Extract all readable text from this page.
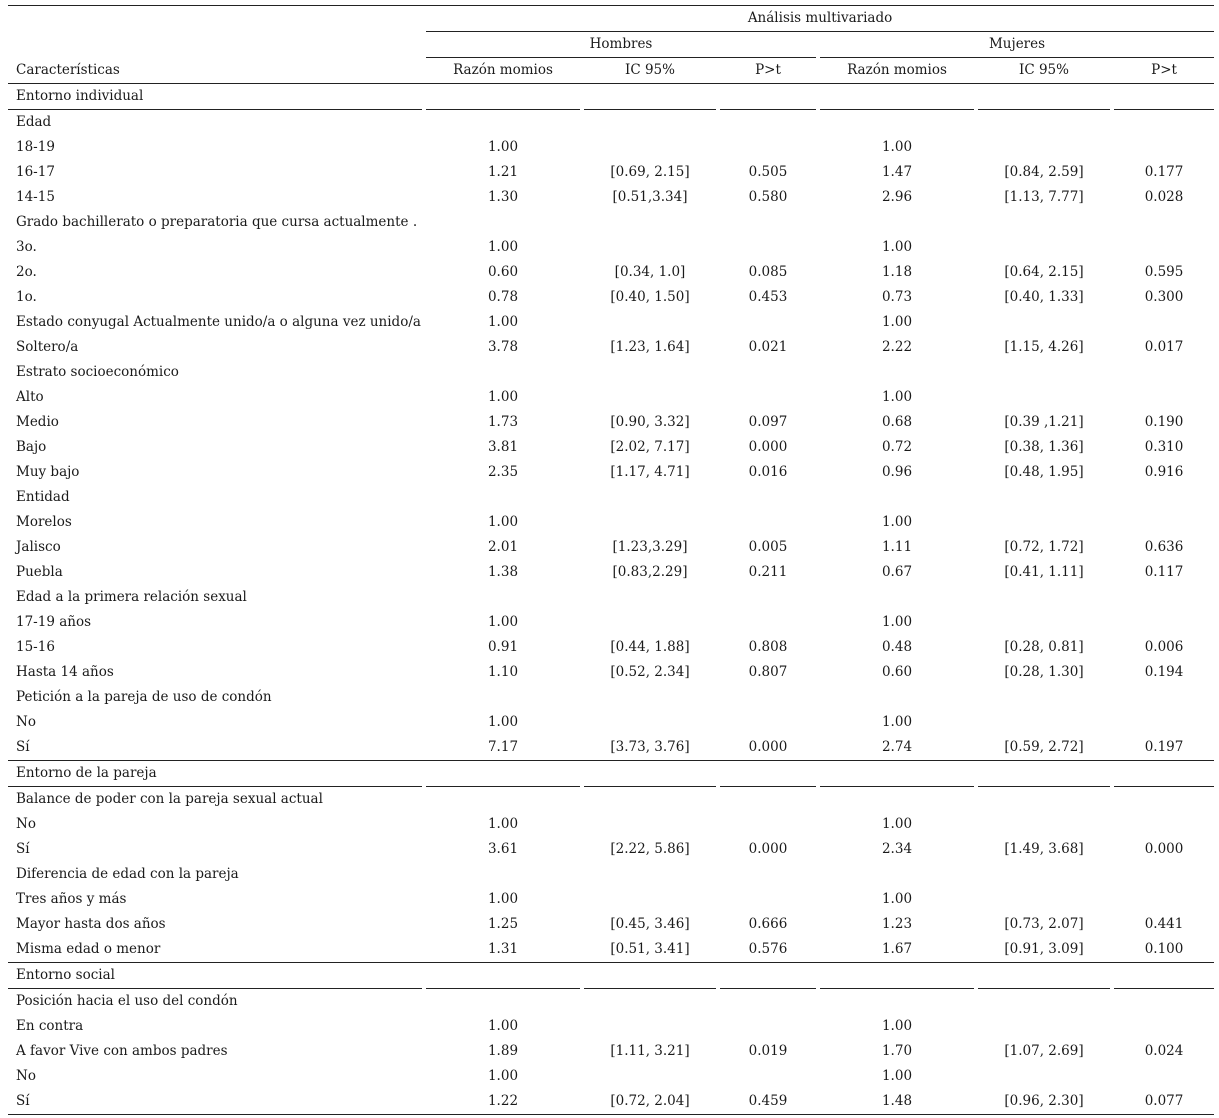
		Análisis multivariado										
		Hombres						Mujeres				
Características		Razón momios		IC 95%		P>t		Razón momios		IC 95%		P>t
Entorno individual												
Edad												
18-19		1.00						1.00				
16-17		1.21		[0.69, 2.15]		0.505		1.47		[0.84, 2.59]		0.177
14-15		1.30		[0.51,3.34]		0.580		2.96		[1.13, 7.77]		0.028
Grado bachillerato o preparatoria que cursa actualmente .												
3o.		1.00						1.00				
2o.		0.60		[0.34, 1.0]		0.085		1.18		[0.64, 2.15]		0.595
1o.		0.78		[0.40, 1.50]		0.453		0.73		[0.40, 1.33]		0.300
Estado conyugal Actualmente unido/a o alguna vez unido/a		1.00						1.00				
Soltero/a		3.78		[1.23, 1.64]		0.021		2.22		[1.15, 4.26]		0.017
Estrato socioeconómico												
Alto		1.00						1.00				
Medio		1.73		[0.90, 3.32]		0.097		0.68		[0.39 ,1.21]		0.190
Bajo		3.81		[2.02, 7.17]		0.000		0.72		[0.38, 1.36]		0.310
Muy bajo		2.35		[1.17, 4.71]		0.016		0.96		[0.48, 1.95]		0.916
Entidad												
Morelos		1.00						1.00				
Jalisco		2.01		[1.23,3.29]		0.005		1.11		[0.72, 1.72]		0.636
Puebla		1.38		[0.83,2.29]		0.211		0.67		[0.41, 1.11]		0.117
Edad a la primera relación sexual												
17-19 años		1.00						1.00				
15-16		0.91		[0.44, 1.88]		0.808		0.48		[0.28, 0.81]		0.006
Hasta 14 años		1.10		[0.52, 2.34]		0.807		0.60		[0.28, 1.30]		0.194
Petición a la pareja de uso de condón												
No		1.00						1.00				
Sí		7.17		[3.73, 3.76]		0.000		2.74		[0.59, 2.72]		0.197
Entorno de la pareja												
Balance de poder con la pareja sexual actual												
No		1.00						1.00				
Sí		3.61		[2.22, 5.86]		0.000		2.34		[1.49, 3.68]		0.000
Diferencia de edad con la pareja												
Tres años y más		1.00						1.00				
Mayor hasta dos años		1.25		[0.45, 3.46]		0.666		1.23		[0.73, 2.07]		0.441
Misma edad o menor		1.31		[0.51, 3.41]		0.576		1.67		[0.91, 3.09]		0.100
Entorno social												
Posición hacia el uso del condón												
En contra		1.00						1.00				
A favor Vive con ambos padres		1.89		[1.11, 3.21]		0.019		1.70		[1.07, 2.69]		0.024
No		1.00						1.00				
Sí		1.22		[0.72, 2.04]		0.459		1.48		[0.96, 2.30]		0.077
